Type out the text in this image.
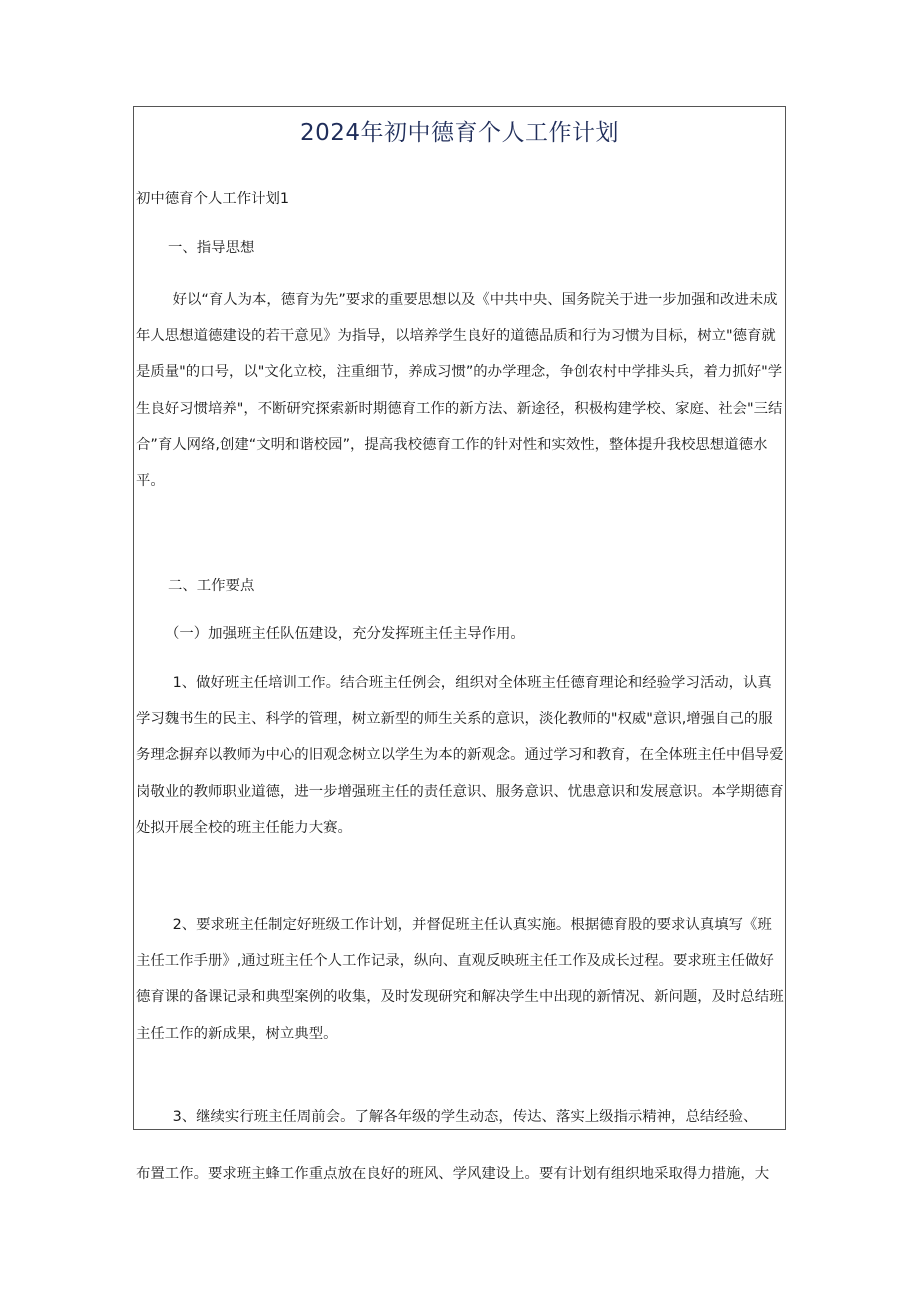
2024年初中德育个人工作计划

初中德育个人工作计划1

一、指导思想

好以“育人为本，德育为先”要求的重要思想以及《中共中央、国务院关于进一步加强和改进未成年人思想道德建设的若干意见》为指导，以培养学生良好的道德品质和行为习惯为目标，树立"德育就是质量"的口号，以"文化立校，注重细节，养成习惯”的办学理念，争创农村中学排头兵，着力抓好"学生良好习惯培养"，不断研究探索新时期德育工作的新方法、新途径，积极构建学校、家庭、社会"三结合”育人网络,创建“文明和谐校园”，提高我校德育工作的针对性和实效性，整体提升我校思想道德水平。

二、工作要点

（一）加强班主任队伍建设，充分发挥班主任主导作用。

1、做好班主任培训工作。结合班主任例会，组织对全体班主任德育理论和经验学习活动，认真学习魏书生的民主、科学的管理，树立新型的师生关系的意识，淡化教师的"权威"意识,增强自己的服务理念摒弃以教师为中心的旧观念树立以学生为本的新观念。通过学习和教育，在全体班主任中倡导爱岗敬业的教师职业道德，进一步增强班主任的责任意识、服务意识、忧患意识和发展意识。本学期德育处拟开展全校的班主任能力大赛。

2、要求班主任制定好班级工作计划，并督促班主任认真实施。根据德育股的要求认真填写《班主任工作手册》,通过班主任个人工作记录，纵向、直观反映班主任工作及成长过程。要求班主任做好德育课的备课记录和典型案例的收集，及时发现研究和解决学生中出现的新情况、新问题，及时总结班主任工作的新成果，树立典型。

3、继续实行班主任周前会。了解各年级的学生动态，传达、落实上级指示精神，总结经验、

布置工作。要求班主蜂工作重点放在良好的班风、学风建设上。要有计划有组织地采取得力措施，大
